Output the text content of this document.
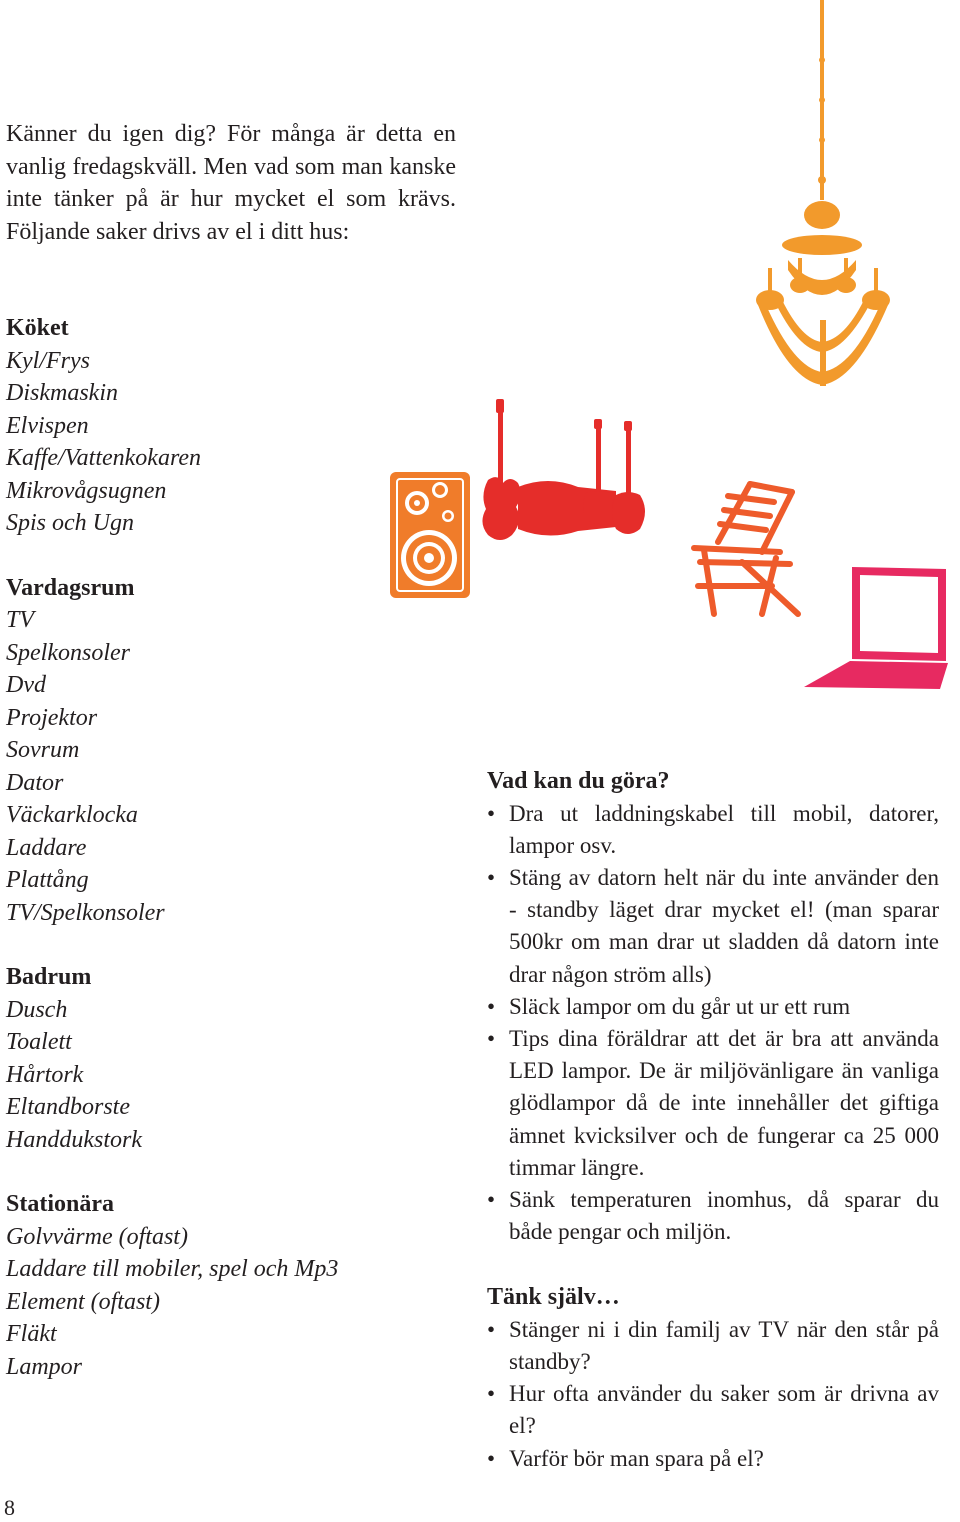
Känner du igen dig? För många är detta en vanlig fredagskväll. Men vad som man kanske inte tänker på är hur mycket el som krävs. Följande saker drivs av el i ditt hus:

Köket

Kyl/Frys
Diskmaskin
Elvispen
Kaffe/Vattenkokaren
Mikrovågsugnen
Spis och Ugn

Vardagsrum

TV
Spelkonsoler
Dvd
Projektor
Sovrum
Dator
Väckarklocka
Laddare
Plattång
TV/Spelkonsoler

Badrum

Dusch
Toalett
Hårtork
Eltandborste
Handdukstork

Stationära

Golvvärme (oftast)
Laddare till mobiler, spel och Mp3
Element (oftast)
Fläkt
Lampor

Vad kan du göra?

• Dra ut laddningskabel till mobil, datorer, lampor osv.
• Stäng av datorn helt när du inte använder den - standby läget drar mycket el! (man sparar 500kr om man drar ut sladden då datorn inte drar någon ström alls)
• Släck lampor om du går ut ur ett rum
• Tips dina föräldrar att det är bra att använda LED lampor. De är miljövänligare än vanliga glödlampor då de inte innehåller det giftiga ämnet kvicksilver och de fungerar ca 25 000 timmar längre.
• Sänk temperaturen inomhus, då sparar du både pengar och miljön.

Tänk själv…

• Stänger ni i din familj av TV när den står på standby?
• Hur ofta använder du saker som är drivna av el?
• Varför bör man spara på el?
8
